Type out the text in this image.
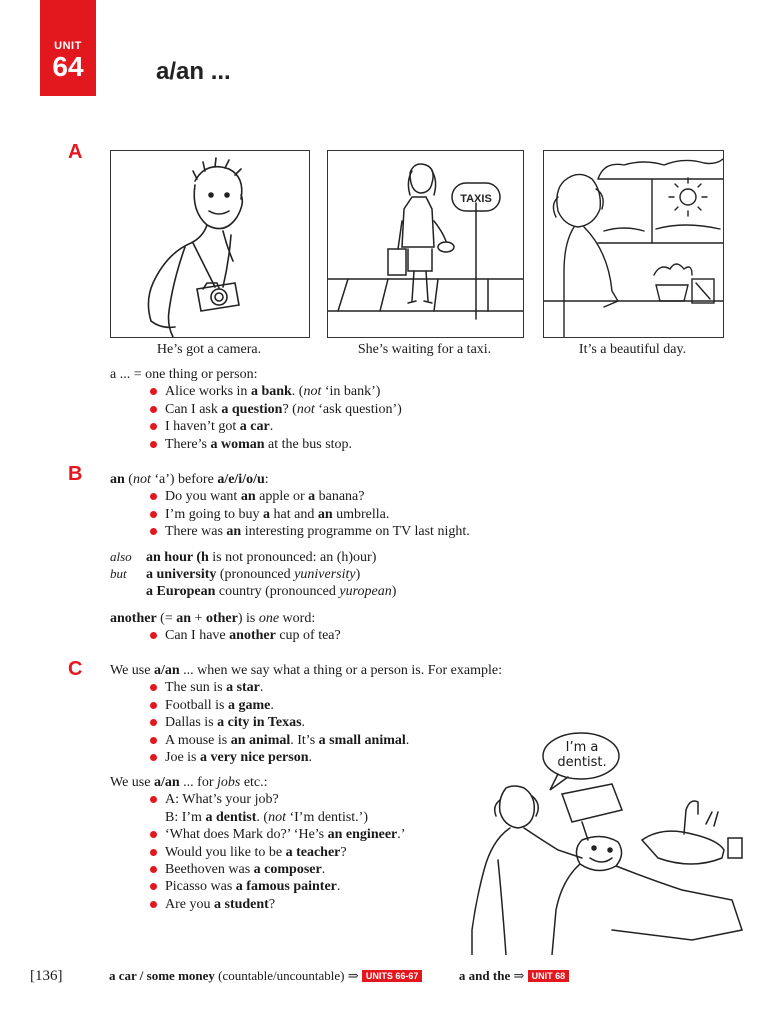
UNIT
64	a/an ...
A
B
C
TAXIS
He’s got a camera.	She’s waiting for a taxi.	It’s a beautiful day.
a ... = one thing or person:
Alice works in a bank. (not ‘in bank’)
Can I ask a question? (not ‘ask question’)
I haven’t got a car.
There’s a woman at the bus stop.
an (not ‘a’) before a/e/i/o/u:
Do you want an apple or a banana?
I’m going to buy a hat and an umbrella.
There was an interesting programme on TV last night.
also an hour (h is not pronounced: an (h)our)
but a university (pronounced yuniversity)
a European country (pronounced yuropean)
another (= an + other) is one word:
Can I have another cup of tea?
We use a/an ... when we say what a thing or a person is. For example:
The sun is a star.
Football is a game.
Dallas is a city in Texas.
A mouse is an animal. It’s a small animal.
Joe is a very nice person.
We use a/an ... for jobs etc.:
A: What’s your job?
B: I’m a dentist. (not ‘I’m dentist.’)
‘What does Mark do?’ ‘He’s an engineer.’
Would you like to be a teacher?
Beethoven was a composer.
Picasso was a famous painter.
Are you a student?
I’m a dentist.
[136]	a car / some money (countable/uncountable) ⇒ UNITS 66-67	a and the ⇒ UNIT 68
